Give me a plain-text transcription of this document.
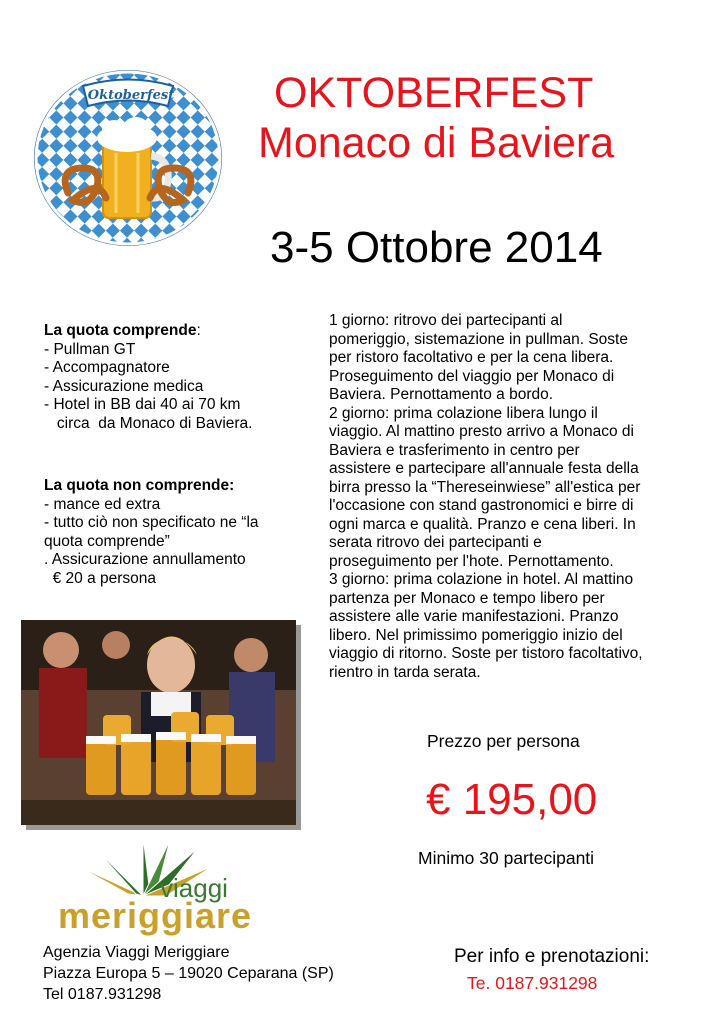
Oktoberfest OKTOBERFEST
Monaco di Baviera
3-5 Ottobre 2014
La quota comprende:
- Pullman GT
- Accompagnatore
- Assicurazione medica
- Hotel in BB dai 40 ai 70 km
circa  da Monaco di Baviera.
La quota non comprende:
- mance ed extra
- tutto ciò non specificato ne “la
quota comprende”
. Assicurazione annullamento
€ 20 a persona
1 giorno: ritrovo dei partecipanti al
pomeriggio, sistemazione in pullman. Soste
per ristoro facoltativo e per la cena libera.
Proseguimento del viaggio per Monaco di
Baviera. Pernottamento a bordo.
2 giorno: prima colazione libera lungo il
viaggio. Al mattino presto arrivo a Monaco di
Baviera e trasferimento in centro per
assistere e partecipare all'annuale festa della
birra presso la “Thereseinwiese” all'estica per
l'occasione con stand gastronomici e birre di
ogni marca e qualità. Pranzo e cena liberi. In
serata ritrovo dei partecipanti e
proseguimento per l'hote. Pernottamento.
3 giorno: prima colazione in hotel. Al mattino
partenza per Monaco e tempo libero per
assistere alle varie manifestazioni. Pranzo
libero. Nel primissimo pomeriggio inizio del
viaggio di ritorno. Soste per tistoro facoltativo,
rientro in tarda serata.
Prezzo per persona
€ 195,00
Minimo 30 partecipanti
viaggi
meriggiare
Agenzia Viaggi Meriggiare
Piazza Europa 5 – 19020 Ceparana (SP)
Tel 0187.931298
Per info e prenotazioni:
Te. 0187.931298
